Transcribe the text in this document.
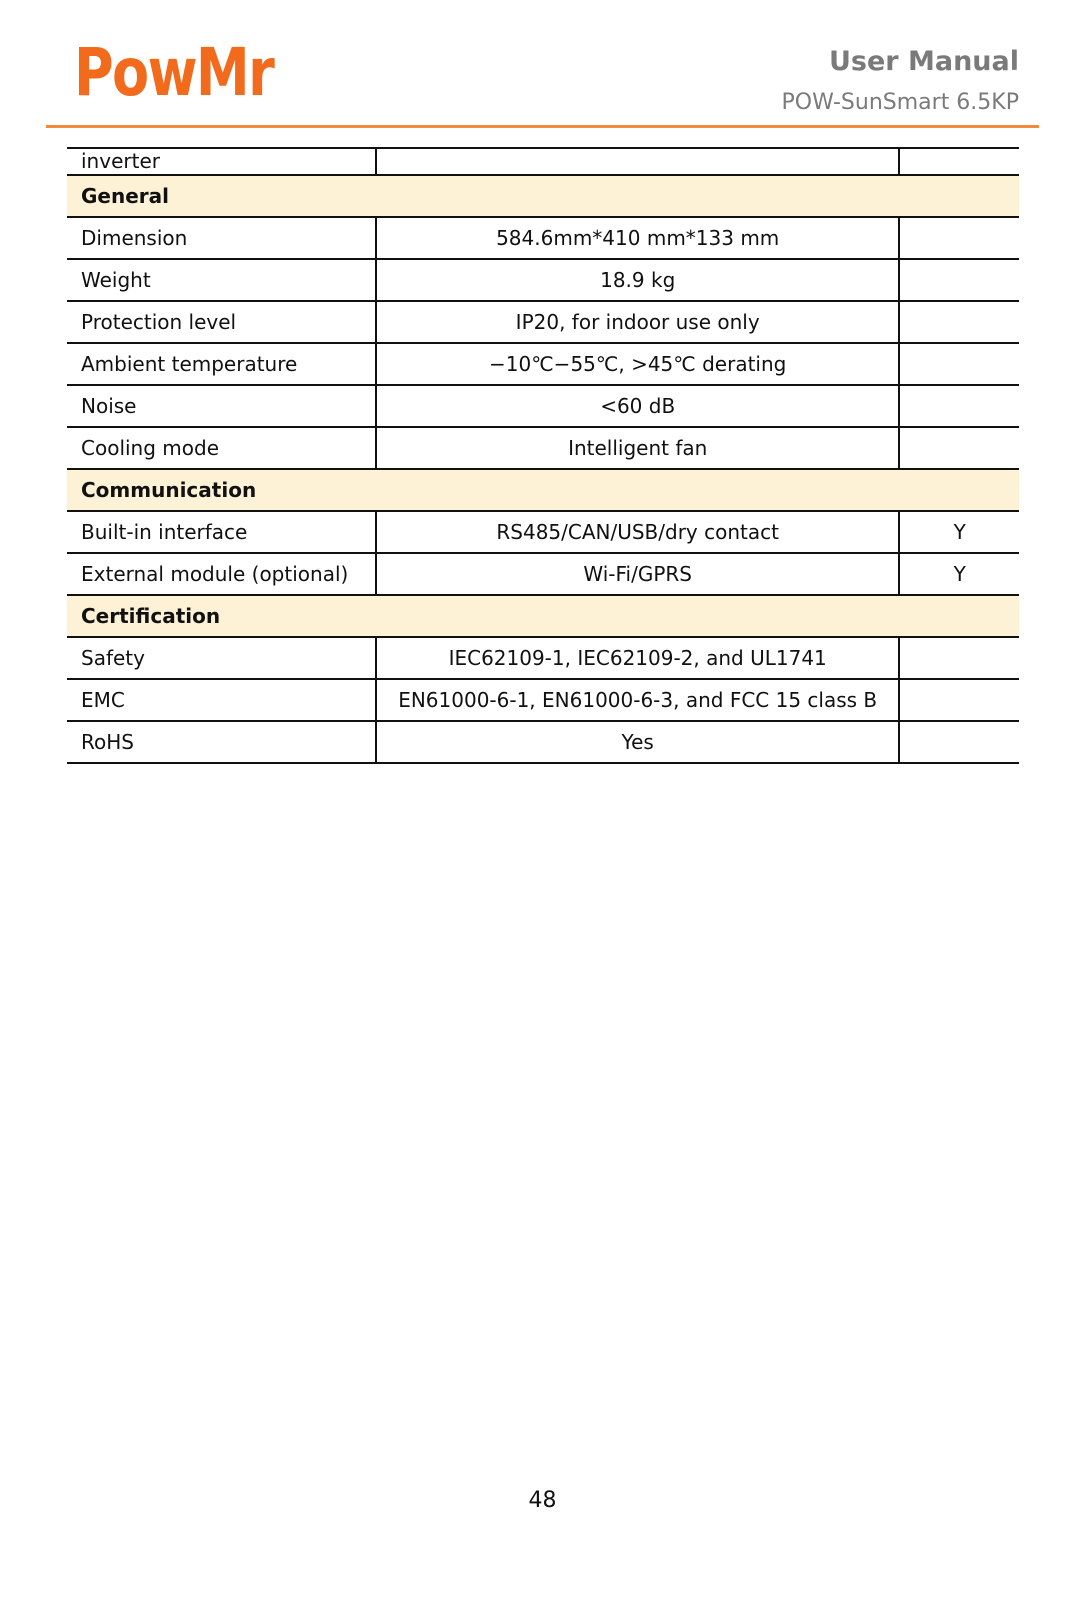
PowMr	User Manual
POW-SunSmart 6.5KP
inverter		
General		
Dimension	584.6mm*410 mm*133 mm	
Weight	18.9 kg	
Protection level	IP20, for indoor use only	
Ambient temperature	−10℃−55℃, >45℃ derating	
Noise	<60 dB	
Cooling mode	Intelligent fan	
Communication		
Built-in interface	RS485/CAN/USB/dry contact	Y
External module (optional)	Wi-Fi/GPRS	Y
Certification		
Safety	IEC62109-1, IEC62109-2, and UL1741	
EMC	EN61000-6-1, EN61000-6-3, and FCC 15 class B	
RoHS	Yes	
48
